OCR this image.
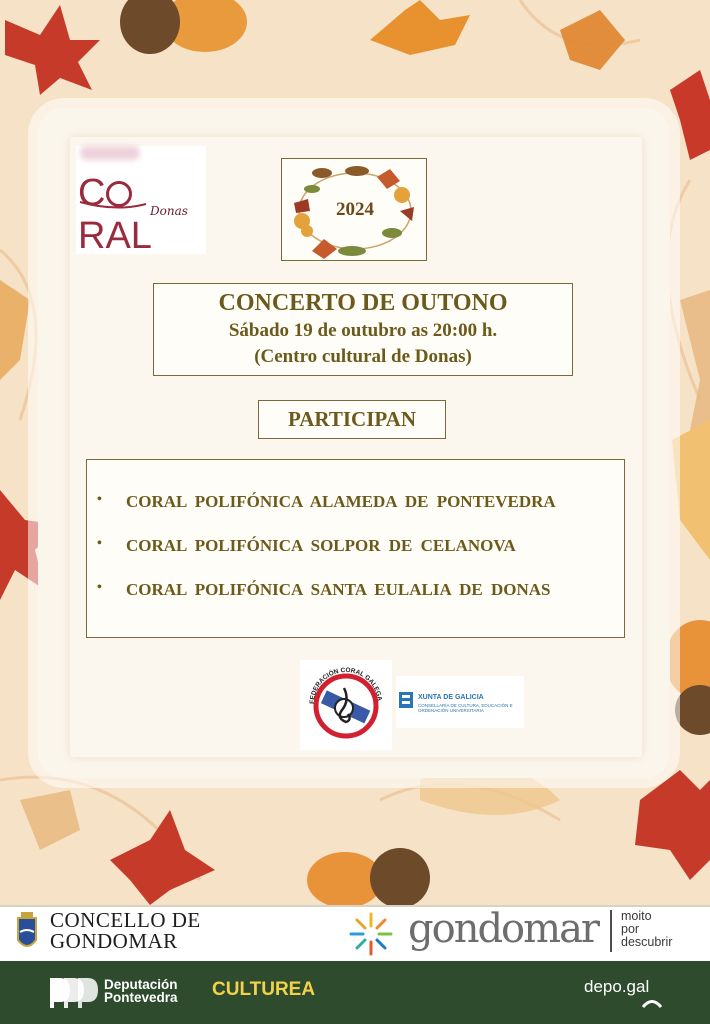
CRAL
Donas	2024
CONCERTO DE OUTONO
Sábado 19 de outubro as 20:00 h.
(Centro cultural de Donas)
PARTICIPAN
• CORAL POLIFÓNICA ALAMEDA DE PONTEVEDRA
• CORAL POLIFÓNICA SOLPOR DE CELANOVA
• CORAL POLIFÓNICA SANTA EULALIA DE DONAS
FEDERACIÓN CORAL GALEGA	XUNTA DE GALICIA
CONSELLARÍA DE CULTURA, EDUCACIÓN E ORDENACIÓN UNIVERSITARIA
CONCELLO DE
GONDOMAR	gondomar moito
por
descubrir
Deputación
Pontevedra CULTUREA	depo.gal
